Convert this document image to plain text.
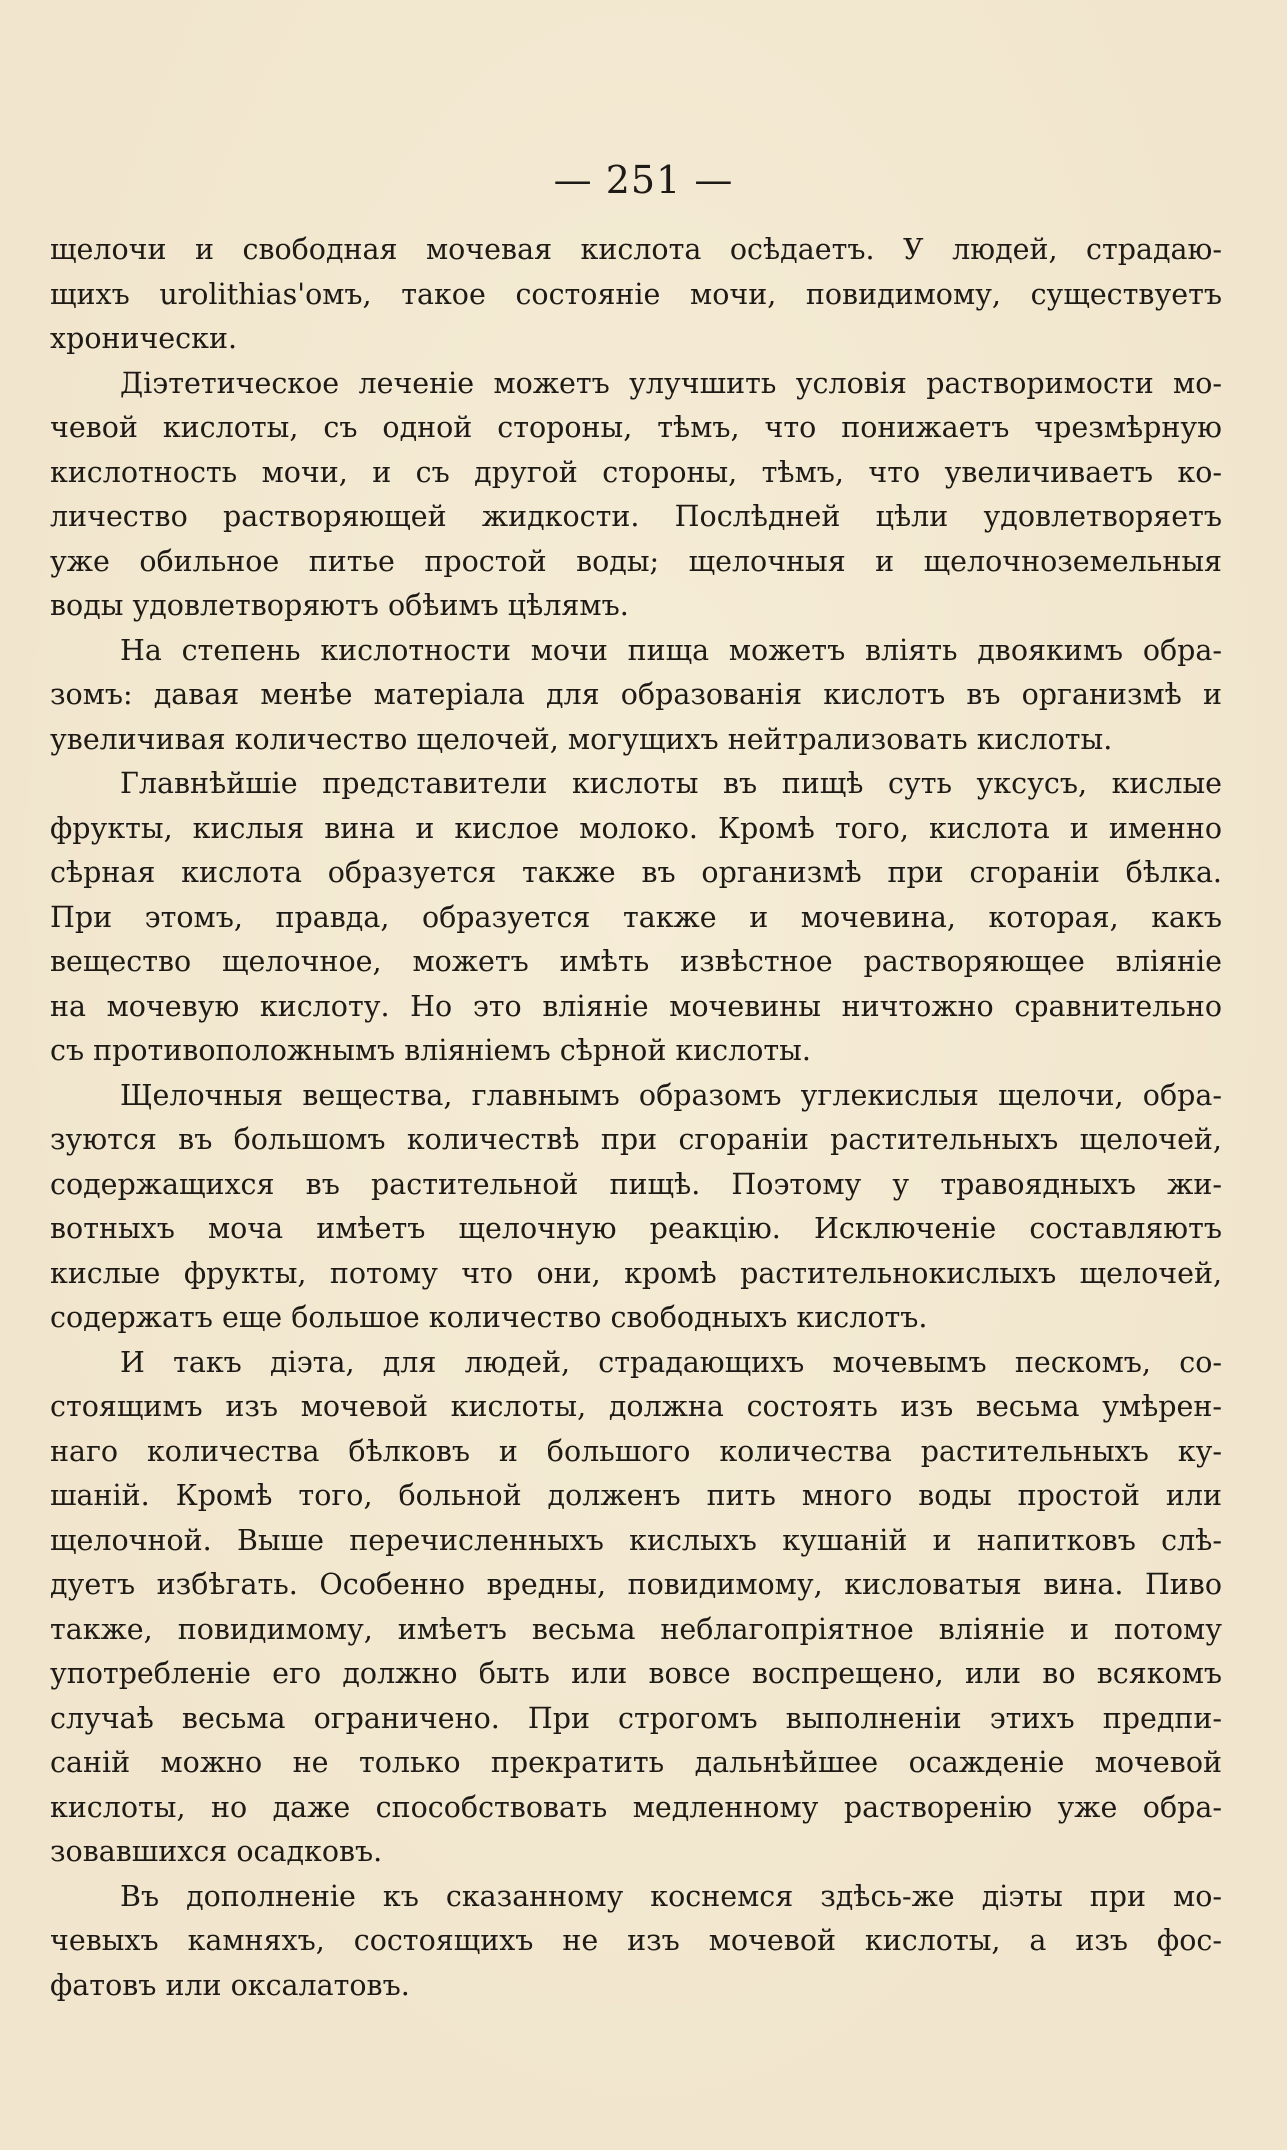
— 251 —
щелочи и свободная мочевая кислота осѣдаетъ. У людей, страдаю-
щихъ urolithias'омъ, такое состоянiе мочи, повидимому, существуетъ
хронически.
Дiэтетическое леченiе можетъ улучшить условiя растворимости мо-
чевой кислоты, съ одной стороны, тѣмъ, что понижаетъ чрезмѣрную
кислотность мочи, и съ другой стороны, тѣмъ, что увеличиваетъ ко-
личество растворяющей жидкости. Послѣдней цѣли удовлетворяетъ
уже обильное питье простой воды; щелочныя и щелочноземельныя
воды удовлетворяютъ обѣимъ цѣлямъ.
На степень кислотности мочи пища можетъ влiять двоякимъ обра-
зомъ: давая менѣе матерiала для образованiя кислотъ въ организмѣ и
увеличивая количество щелочей, могущихъ нейтрализовать кислоты.
Главнѣйшiе представители кислоты въ пищѣ суть уксусъ, кислые
фрукты, кислыя вина и кислое молоко. Кромѣ того, кислота и именно
сѣрная кислота образуется также въ организмѣ при сгоранiи бѣлка.
При этомъ, правда, образуется также и мочевина, которая, какъ
вещество щелочное, можетъ имѣть извѣстное растворяющее влiянiе
на мочевую кислоту. Но это влiянiе мочевины ничтожно сравнительно
съ противоположнымъ влiянiемъ сѣрной кислоты.
Щелочныя вещества, главнымъ образомъ углекислыя щелочи, обра-
зуются въ большомъ количествѣ при сгоранiи растительныхъ щелочей,
содержащихся въ растительной пищѣ. Поэтому у травоядныхъ жи-
вотныхъ моча имѣетъ щелочную реакцiю. Исключенiе составляютъ
кислые фрукты, потому что они, кромѣ растительнокислыхъ щелочей,
содержатъ еще большое количество свободныхъ кислотъ.
И такъ дiэта, для людей, страдающихъ мочевымъ пескомъ, со-
стоящимъ изъ мочевой кислоты, должна состоять изъ весьма умѣрен-
наго количества бѣлковъ и большого количества растительныхъ ку-
шанiй. Кромѣ того, больной долженъ пить много воды простой или
щелочной. Выше перечисленныхъ кислыхъ кушанiй и напитковъ слѣ-
дуетъ избѣгать. Особенно вредны, повидимому, кисловатыя вина. Пиво
также, повидимому, имѣетъ весьма неблагопрiятное влiянiе и потому
употребленiе его должно быть или вовсе воспрещено, или во всякомъ
случаѣ весьма ограничено. При строгомъ выполненiи этихъ предпи-
санiй можно не только прекратить дальнѣйшее осажденiе мочевой
кислоты, но даже способствовать медленному растворенiю уже обра-
зовавшихся осадковъ.
Въ дополненiе къ сказанному коснемся здѣсь-же дiэты при мо-
чевыхъ камняхъ, состоящихъ не изъ мочевой кислоты, а изъ фос-
фатовъ или оксалатовъ.
